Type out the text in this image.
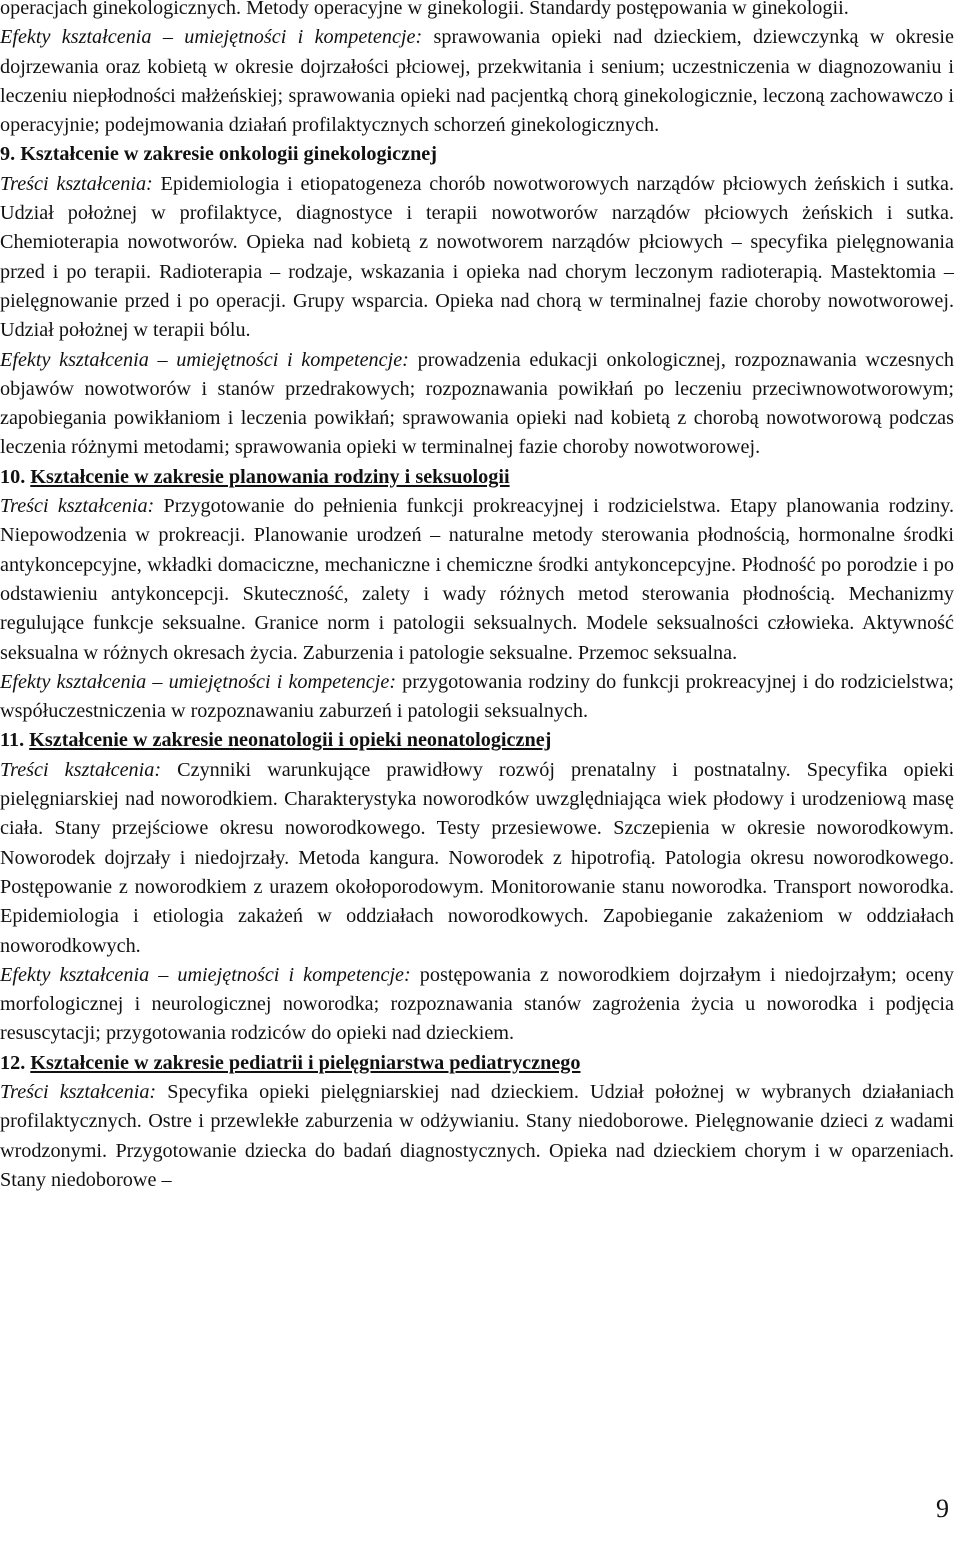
operacjach ginekologicznych. Metody operacyjne w ginekologii. Standardy postępowania w ginekologii.

Efekty kształcenia – umiejętności i kompetencje: sprawowania opieki nad dzieckiem, dziewczynką w okresie dojrzewania oraz kobietą w okresie dojrzałości płciowej, przekwitania i senium; uczestniczenia w diagnozowaniu i leczeniu niepłodności małżeńskiej; sprawowania opieki nad pacjentką chorą ginekologicznie, leczoną zachowawczo i operacyjnie; podejmowania działań profilaktycznych schorzeń ginekologicznych.

9. Kształcenie w zakresie onkologii ginekologicznej

Treści kształcenia: Epidemiologia i etiopatogeneza chorób nowotworowych narządów płciowych żeńskich i sutka. Udział położnej w profilaktyce, diagnostyce i terapii nowotworów narządów płciowych żeńskich i sutka. Chemioterapia nowotworów. Opieka nad kobietą z nowotworem narządów płciowych – specyfika pielęgnowania przed i po terapii. Radioterapia – rodzaje, wskazania i opieka nad chorym leczonym radioterapią. Mastektomia – pielęgnowanie przed i po operacji. Grupy wsparcia. Opieka nad chorą w terminalnej fazie choroby nowotworowej. Udział położnej w terapii bólu.

Efekty kształcenia – umiejętności i kompetencje: prowadzenia edukacji onkologicznej, rozpoznawania wczesnych objawów nowotworów i stanów przedrakowych; rozpoznawania powikłań po leczeniu przeciwnowotworowym; zapobiegania powikłaniom i leczenia powikłań; sprawowania opieki nad kobietą z chorobą nowotworową podczas leczenia różnymi metodami; sprawowania opieki w terminalnej fazie choroby nowotworowej.

10. Kształcenie w zakresie planowania rodziny i seksuologii

Treści kształcenia: Przygotowanie do pełnienia funkcji prokreacyjnej i rodzicielstwa. Etapy planowania rodziny. Niepowodzenia w prokreacji. Planowanie urodzeń – naturalne metody sterowania płodnością, hormonalne środki antykoncepcyjne, wkładki domaciczne, mechaniczne i chemiczne środki antykoncepcyjne. Płodność po porodzie i po odstawieniu antykoncepcji. Skuteczność, zalety i wady różnych metod sterowania płodnością. Mechanizmy regulujące funkcje seksualne. Granice norm i patologii seksualnych. Modele seksualności człowieka. Aktywność seksualna w różnych okresach życia. Zaburzenia i patologie seksualne. Przemoc seksualna.

Efekty kształcenia – umiejętności i kompetencje: przygotowania rodziny do funkcji prokreacyjnej i do rodzicielstwa; współuczestniczenia w rozpoznawaniu zaburzeń i patologii seksualnych.

11. Kształcenie w zakresie neonatologii i opieki neonatologicznej

Treści kształcenia: Czynniki warunkujące prawidłowy rozwój prenatalny i postnatalny. Specyfika opieki pielęgniarskiej nad noworodkiem. Charakterystyka noworodków uwzględniająca wiek płodowy i urodzeniową masę ciała. Stany przejściowe okresu noworodkowego. Testy przesiewowe. Szczepienia w okresie noworodkowym. Noworodek dojrzały i niedojrzały. Metoda kangura. Noworodek z hipotrofią. Patologia okresu noworodkowego. Postępowanie z noworodkiem z urazem okołoporodowym. Monitorowanie stanu noworodka. Transport noworodka. Epidemiologia i etiologia zakażeń w oddziałach noworodkowych. Zapobieganie zakażeniom w oddziałach noworodkowych.

Efekty kształcenia – umiejętności i kompetencje: postępowania z noworodkiem dojrzałym i niedojrzałym; oceny morfologicznej i neurologicznej noworodka; rozpoznawania stanów zagrożenia życia u noworodka i podjęcia resuscytacji; przygotowania rodziców do opieki nad dzieckiem.

12. Kształcenie w zakresie pediatrii i pielęgniarstwa pediatrycznego

Treści kształcenia: Specyfika opieki pielęgniarskiej nad dzieckiem. Udział położnej w wybranych działaniach profilaktycznych. Ostre i przewlekłe zaburzenia w odżywianiu. Stany niedoborowe. Pielęgnowanie dzieci z wadami wrodzonymi. Przygotowanie dziecka do badań diagnostycznych. Opieka nad dzieckiem chorym i w oparzeniach. Stany niedoborowe –

9
